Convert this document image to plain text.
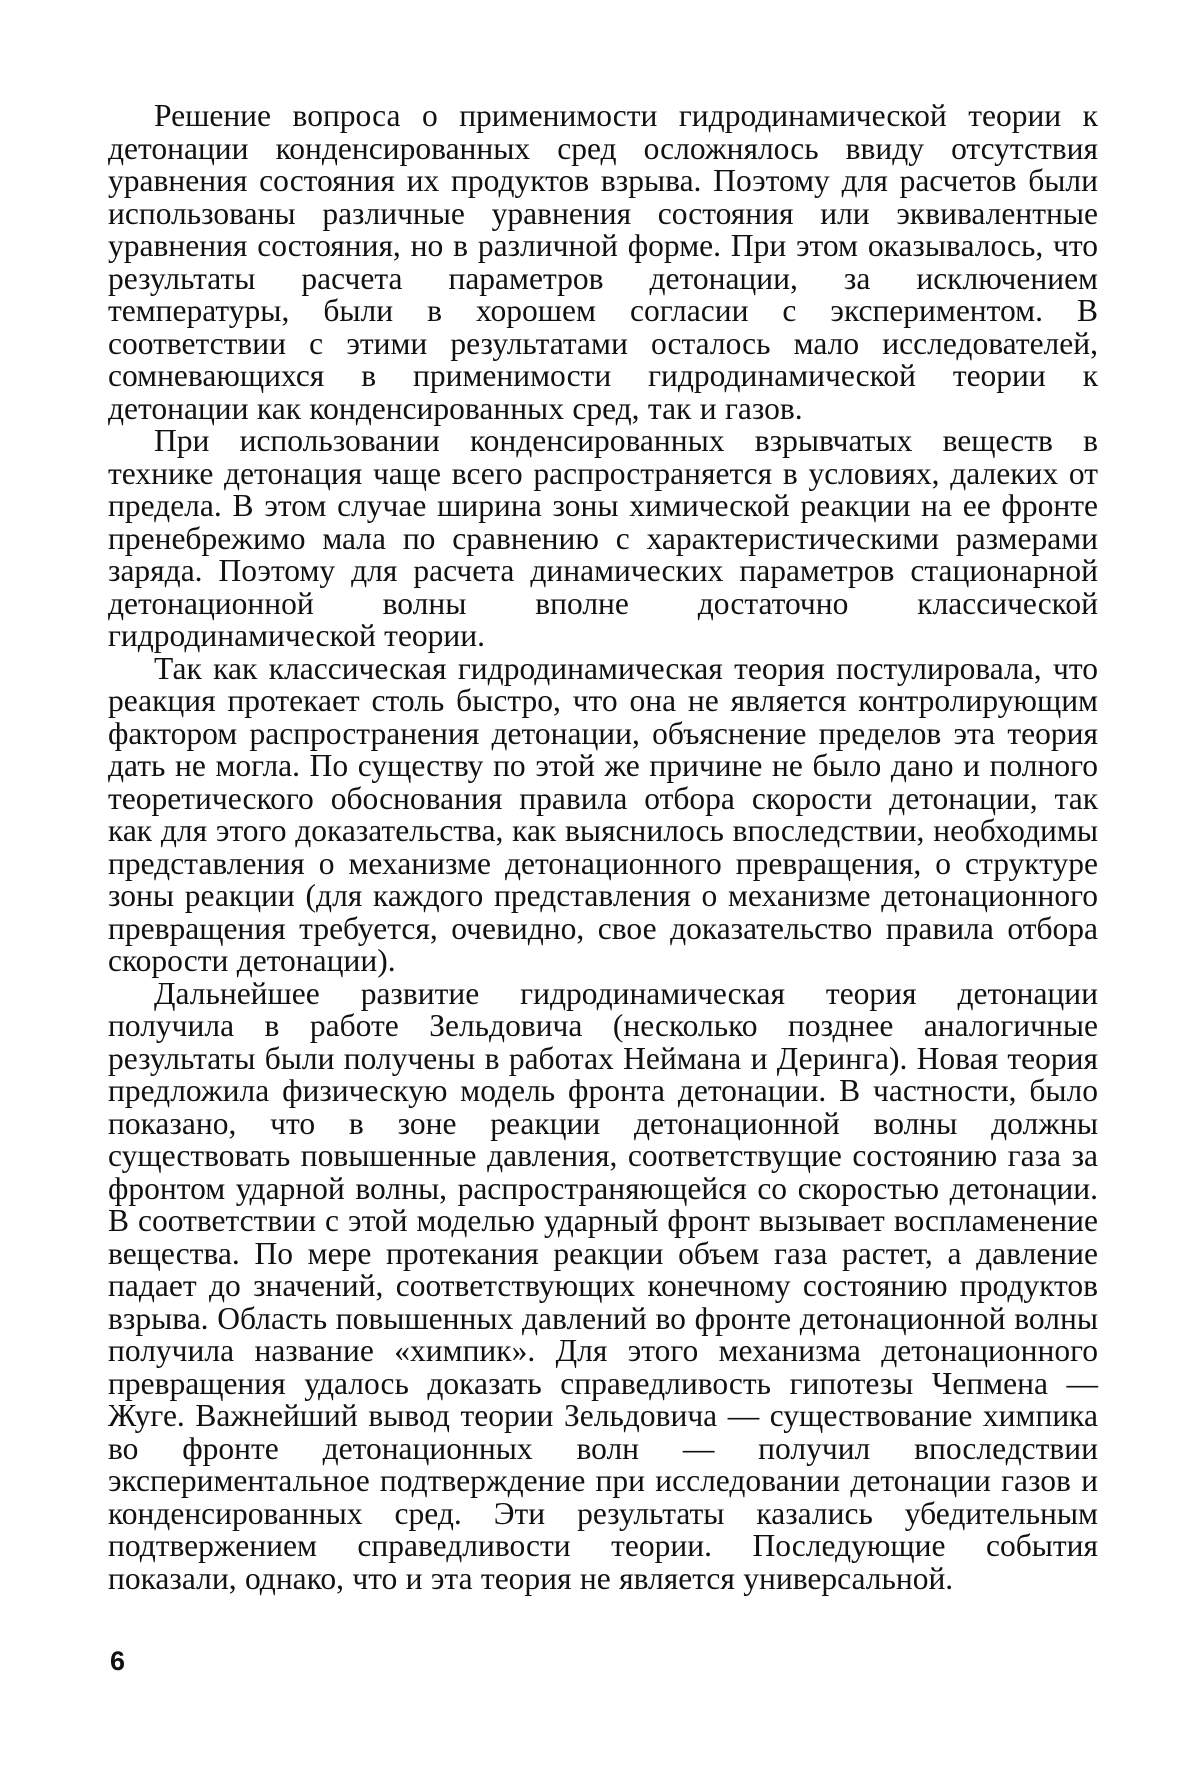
Решение вопроса о применимости гидродинамической теории к детонации конденсированных сред осложнялось ввиду отсутствия уравнения состояния их продуктов взрыва. Поэтому для расчетов были использованы различные уравнения состояния или эквивалентные уравнения состояния, но в различной форме. При этом оказывалось, что результаты расчета параметров детонации, за исключением температуры, были в хорошем согласии с экспериментом. В соответствии с этими результатами осталось мало исследователей, сомневающихся в применимости гидродинамической теории к детонации как конденсированных сред, так и газов.

При использовании конденсированных взрывчатых веществ в технике детонация чаще всего распространяется в условиях, далеких от предела. В этом случае ширина зоны химической реакции на ее фронте пренебрежимо мала по сравнению с характеристическими размерами заряда. Поэтому для расчета динамических параметров стационарной детонационной волны вполне достаточно классической гидродинамической теории.

Так как классическая гидродинамическая теория постулировала, что реакция протекает столь быстро, что она не является контролирующим фактором распространения детонации, объяснение пределов эта теория дать не могла. По существу по этой же причине не было дано и полного теоретического обоснования правила отбора скорости детонации, так как для этого доказательства, как выяснилось впоследствии, необходимы представления о механизме детонационного превращения, о структуре зоны реакции (для каждого представления о механизме детонационного превращения требуется, очевидно, свое доказательство правила отбора скорости детонации).

Дальнейшее развитие гидродинамическая теория детонации получила в работе Зельдовича (несколько позднее аналогичные результаты были получены в работах Неймана и Деринга). Новая теория предложила физическую модель фронта детонации. В частности, было показано, что в зоне реакции детонационной волны должны существовать повышенные давления, соответствущие состоянию газа за фронтом ударной волны, распространяющейся со скоростью детонации. В соответствии с этой моделью ударный фронт вызывает воспламенение вещества. По мере протекания реакции объем газа растет, а давление падает до значений, соответствующих конечному состоянию продуктов взрыва. Область повышенных давлений во фронте детонационной волны получила название «химпик». Для этого механизма детонационного превращения удалось доказать справедливость гипотезы Чепмена — Жуге. Важнейший вывод теории Зельдовича — существование химпика во фронте детонационных волн — получил впоследствии экспериментальное подтверждение при исследовании детонации газов и конденсированных сред. Эти результаты казались убедительным подтвержением справедливости теории. Последующие события показали, однако, что и эта теория не является универсальной.

6
